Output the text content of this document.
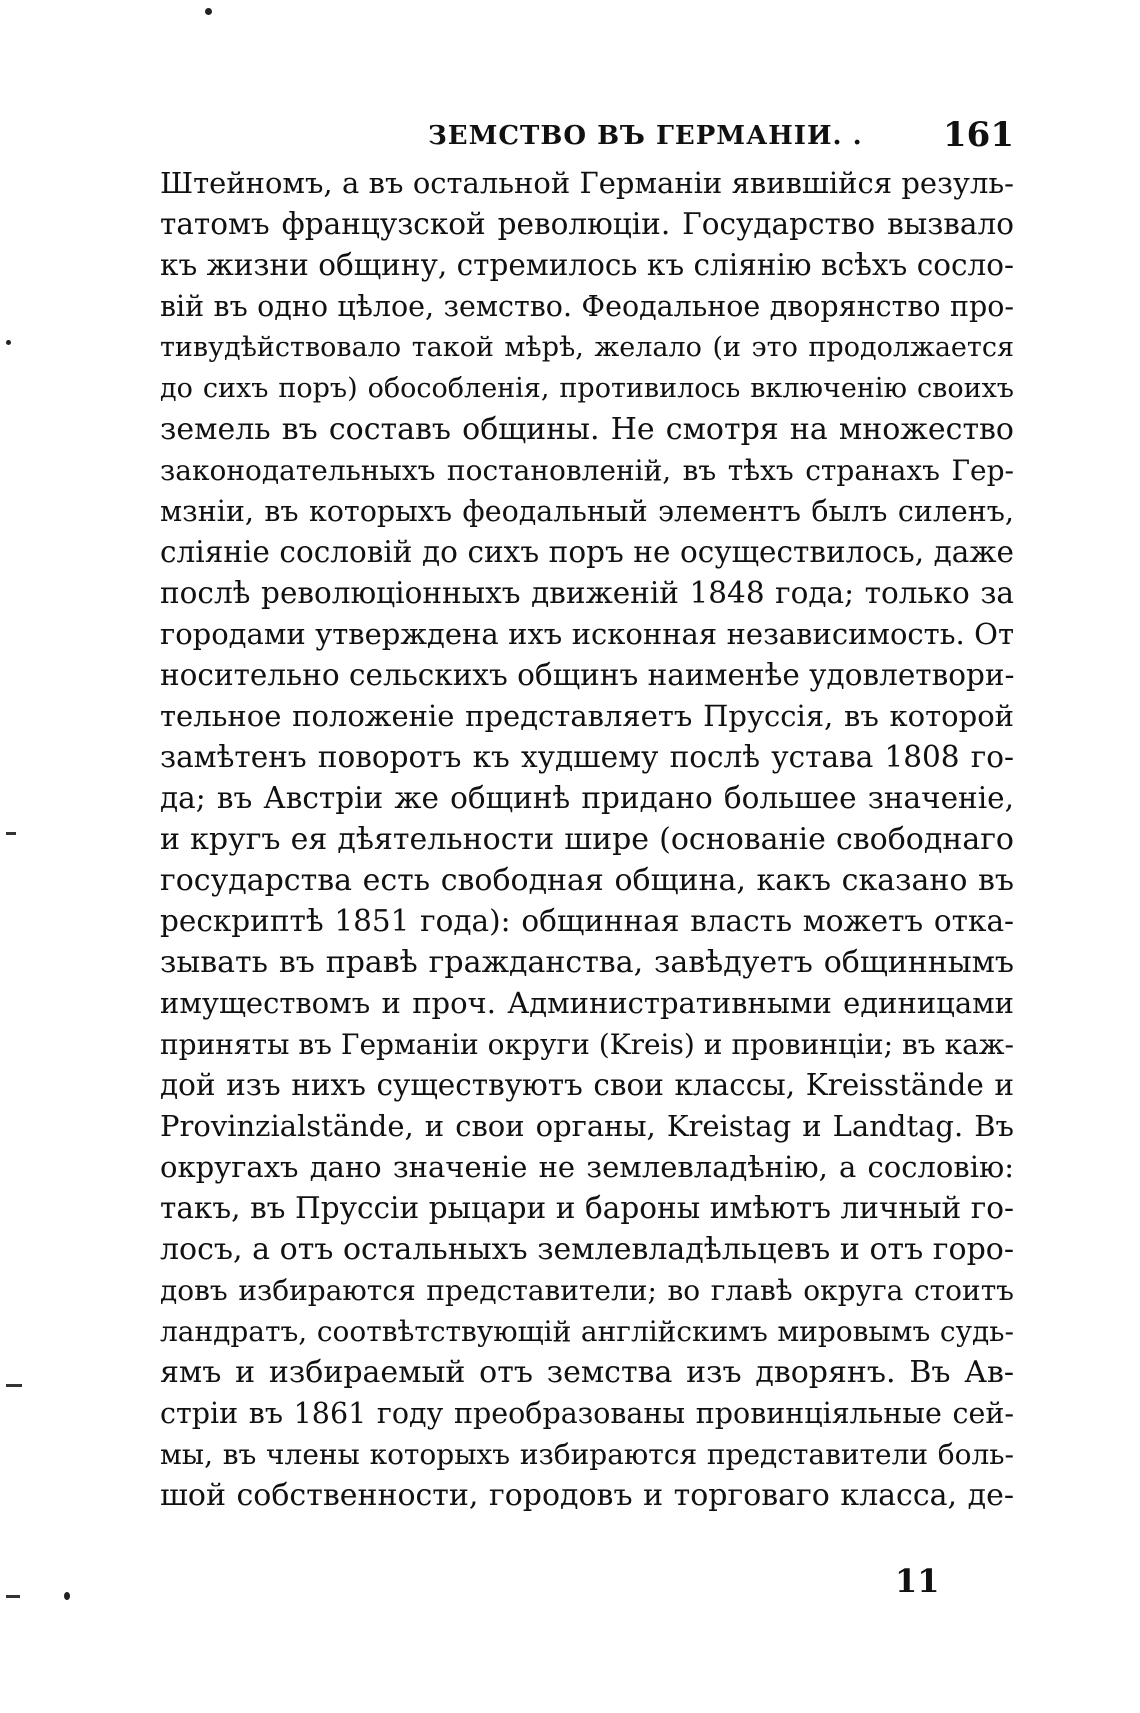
ЗЕМСТВО ВЪ ГЕРМАНІИ. . 161
Штейномъ, а въ остальной Германіи явившійся резуль-
татомъ французской революціи. Государство вызвало
къ жизни общину, стремилось къ сліянію всѣхъ сосло-
вій въ одно цѣлое, земство. Феодальное дворянство про-
тивудѣйствовало такой мѣрѣ, желало (и это продолжается
до сихъ поръ) обособленія, противилось включенію своихъ
земель въ составъ общины. Не смотря на множество
законодательныхъ постановленій, въ тѣхъ странахъ Гер-
мзніи, въ которыхъ феодальный элементъ былъ силенъ,
сліяніе сословій до сихъ поръ не осуществилось, даже
послѣ революціонныхъ движеній 1848 года; только за
городами утверждена ихъ исконная независимость. От
носительно сельскихъ общинъ наименѣе удовлетвори-
тельное положеніе представляетъ Пруссія, въ которой
замѣтенъ поворотъ къ худшему послѣ устава 1808 го-
да; въ Австріи же общинѣ придано большее значеніе,
и кругъ ея дѣятельности шире (основаніе свободнаго
государства есть свободная община, какъ сказано въ
рескриптѣ 1851 года): общинная власть можетъ отка-
зывать въ правѣ гражданства, завѣдуетъ общиннымъ
имуществомъ и проч. Административными единицами
приняты въ Германіи округи (Kreis) и провинціи; въ каж-
дой изъ нихъ существуютъ свои классы, Kreisstände и
Provinzialstände, и свои органы, Kreistag и Landtag. Въ
округахъ дано значеніе не землевладѣнію, а сословію:
такъ, въ Пруссіи рыцари и бароны имѣютъ личный го-
лосъ, а отъ остальныхъ землевладѣльцевъ и отъ горо-
довъ избираются представители; во главѣ округа стоитъ
ландратъ, соотвѣтствующій англійскимъ мировымъ судь-
ямъ и избираемый отъ земства изъ дворянъ. Въ Ав-
стріи въ 1861 году преобразованы провинціяльные сей-
мы, въ члены которыхъ избираются представители боль-
шой собственности, городовъ и торговаго класса, де-
11
